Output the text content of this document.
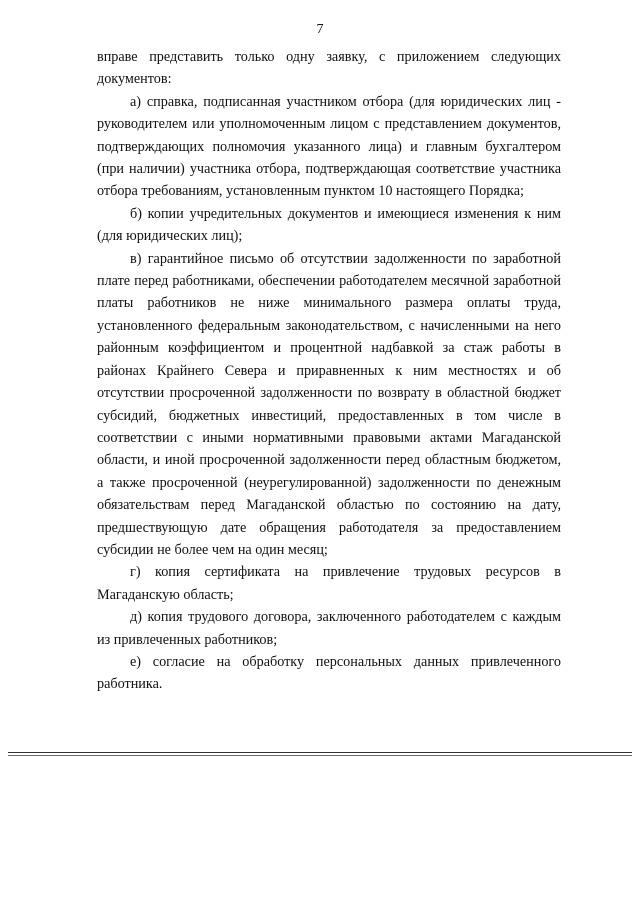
7

вправе представить только одну заявку, с приложением следующих документов:

а) справка, подписанная участником отбора (для юридических лиц - руководителем или уполномоченным лицом с представлением документов, подтверждающих полномочия указанного лица) и главным бухгалтером (при наличии) участника отбора, подтверждающая соответствие участника отбора требованиям, установленным пунктом 10 настоящего Порядка;

б) копии учредительных документов и имеющиеся изменения к ним (для юридических лиц);

в) гарантийное письмо об отсутствии задолженности по заработной плате перед работниками, обеспечении работодателем месячной заработной платы работников не ниже минимального размера оплаты труда, установленного федеральным законодательством, с начисленными на него районным коэффициентом и процентной надбавкой за стаж работы в районах Крайнего Севера и приравненных к ним местностях и об отсутствии просроченной задолженности по возврату в областной бюджет субсидий, бюджетных инвестиций, предоставленных в том числе в соответствии с иными нормативными правовыми актами Магаданской области, и иной просроченной задолженности перед областным бюджетом, а также просроченной (неурегулированной) задолженности по денежным обязательствам перед Магаданской областью по состоянию на дату, предшествующую дате обращения работодателя за предоставлением субсидии не более чем на один месяц;

г) копия сертификата на привлечение трудовых ресурсов в Магаданскую область;

д) копия трудового договора, заключенного работодателем с каждым из привлеченных работников;

е) согласие на обработку персональных данных привлеченного работника.
